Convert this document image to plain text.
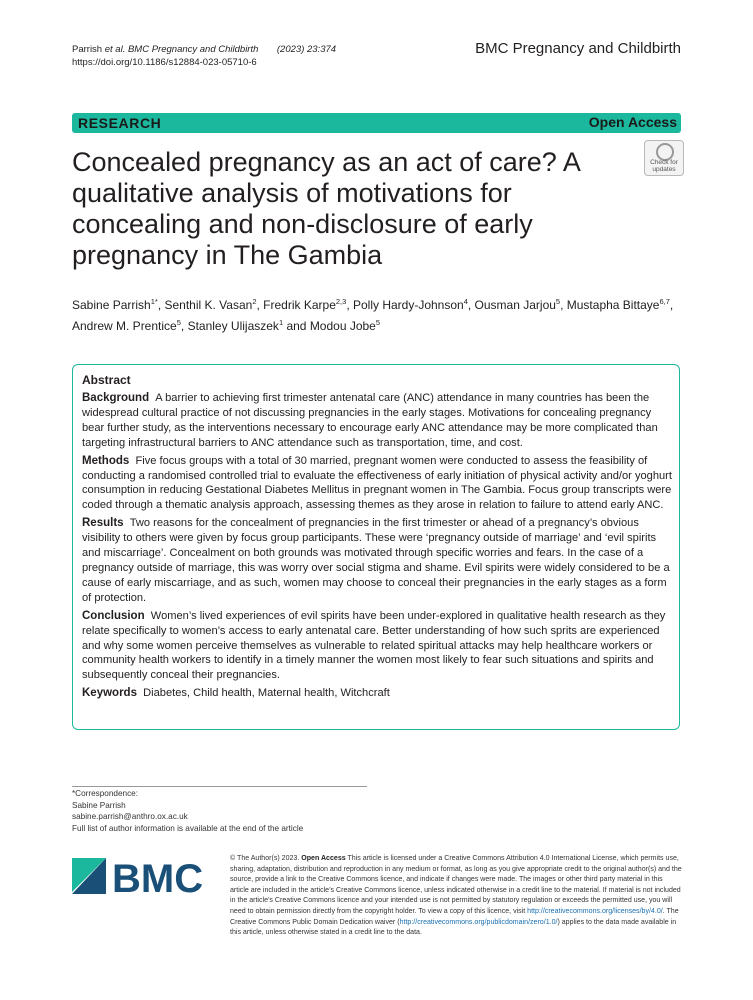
Parrish et al. BMC Pregnancy and Childbirth (2023) 23:374
https://doi.org/10.1186/s12884-023-05710-6
BMC Pregnancy and Childbirth
RESEARCH	Open Access
Check for
updates
Concealed pregnancy as an act of care? A qualitative analysis of motivations for concealing and non-disclosure of early pregnancy in The Gambia
Sabine Parrish$^{1*}$, Senthil K. Vasan$^2$, Fredrik Karpe$^{2,3}$, Polly Hardy-Johnson$^4$, Ousman Jarjou$^5$, Mustapha Bittaye$^{6,7}$, Andrew M. Prentice$^5$, Stanley Ulijaszek$^1$ and Modou Jobe$^5$
Abstract
Background A barrier to achieving first trimester antenatal care (ANC) attendance in many countries has been the widespread cultural practice of not discussing pregnancies in the early stages. Motivations for concealing pregnancy bear further study, as the interventions necessary to encourage early ANC attendance may be more complicated than targeting infrastructural barriers to ANC attendance such as transportation, time, and cost.
Methods Five focus groups with a total of 30 married, pregnant women were conducted to assess the feasibility of conducting a randomised controlled trial to evaluate the effectiveness of early initiation of physical activity and/or yoghurt consumption in reducing Gestational Diabetes Mellitus in pregnant women in The Gambia. Focus group transcripts were coded through a thematic analysis approach, assessing themes as they arose in relation to failure to attend early ANC.
Results Two reasons for the concealment of pregnancies in the first trimester or ahead of a pregnancy’s obvious visibility to others were given by focus group participants. These were ‘pregnancy outside of marriage’ and ‘evil spirits and miscarriage’. Concealment on both grounds was motivated through specific worries and fears. In the case of a pregnancy outside of marriage, this was worry over social stigma and shame. Evil spirits were widely considered to be a cause of early miscarriage, and as such, women may choose to conceal their pregnancies in the early stages as a form of protection.
Conclusion Women’s lived experiences of evil spirits have been under-explored in qualitative health research as they relate specifically to women’s access to early antenatal care. Better understanding of how such sprits are experienced and why some women perceive themselves as vulnerable to related spiritual attacks may help healthcare workers or community health workers to identify in a timely manner the women most likely to fear such situations and spirits and subsequently conceal their pregnancies.
Keywords Diabetes, Child health, Maternal health, Witchcraft
*Correspondence:
Sabine Parrish
sabine.parrish@anthro.ox.ac.uk
Full list of author information is available at the end of the article
BMC	© The Author(s) 2023. Open Access This article is licensed under a Creative Commons Attribution 4.0 International License, which permits use, sharing, adaptation, distribution and reproduction in any medium or format, as long as you give appropriate credit to the original author(s) and the source, provide a link to the Creative Commons licence, and indicate if changes were made. The images or other third party material in this article are included in the article’s Creative Commons licence, unless indicated otherwise in a credit line to the material. If material is not included in the article’s Creative Commons licence and your intended use is not permitted by statutory regulation or exceeds the permitted use, you will need to obtain permission directly from the copyright holder. To view a copy of this licence, visit http://creativecommons.org/licenses/by/4.0/. The Creative Commons Public Domain Dedication waiver (http://creativecommons.org/publicdomain/zero/1.0/) applies to the data made available in this article, unless otherwise stated in a credit line to the data.
